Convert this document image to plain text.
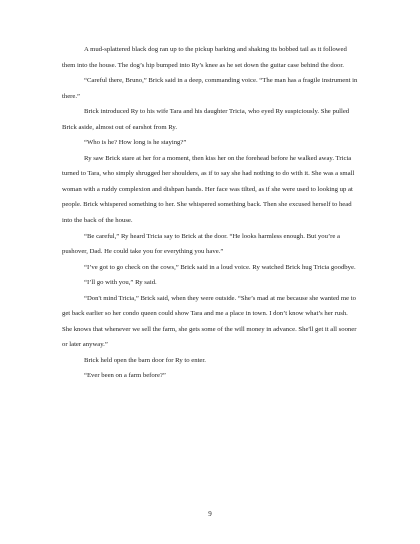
A mud-splattered black dog ran up to the pickup barking and shaking its bobbed tail as it followed them into the house. The dog’s hip bumped into Ry’s knee as he set down the guitar case behind the door.

“Careful there, Bruno,” Brick said in a deep, commanding voice. “The man has a fragile instrument in there.”

Brick introduced Ry to his wife Tara and his daughter Tricia, who eyed Ry suspiciously. She pulled Brick aside, almost out of earshot from Ry.

“Who is he? How long is he staying?”

Ry saw Brick stare at her for a moment, then kiss her on the forehead before he walked away. Tricia turned to Tara, who simply shrugged her shoulders, as if to say she had nothing to do with it. She was a small woman with a ruddy complexion and dishpan hands. Her face was tilted, as if she were used to looking up at people. Brick whispered something to her. She whispered something back. Then she excused herself to head into the back of the house.

“Be careful,” Ry heard Tricia say to Brick at the door. “He looks harmless enough. But you’re a pushover, Dad. He could take you for everything you have.”

“I’ve got to go check on the cows,” Brick said in a loud voice. Ry watched Brick hug Tricia goodbye.

“I’ll go with you,” Ry said.

“Don't mind Tricia,” Brick said, when they were outside. “She’s mad at me because she wanted me to get back earlier so her condo queen could show Tara and me a place in town. I don’t know what’s her rush. She knows that whenever we sell the farm, she gets some of the will money in advance. She'll get it all sooner or later anyway.”

Brick held open the barn door for Ry to enter.

“Ever been on a farm before?”

9
